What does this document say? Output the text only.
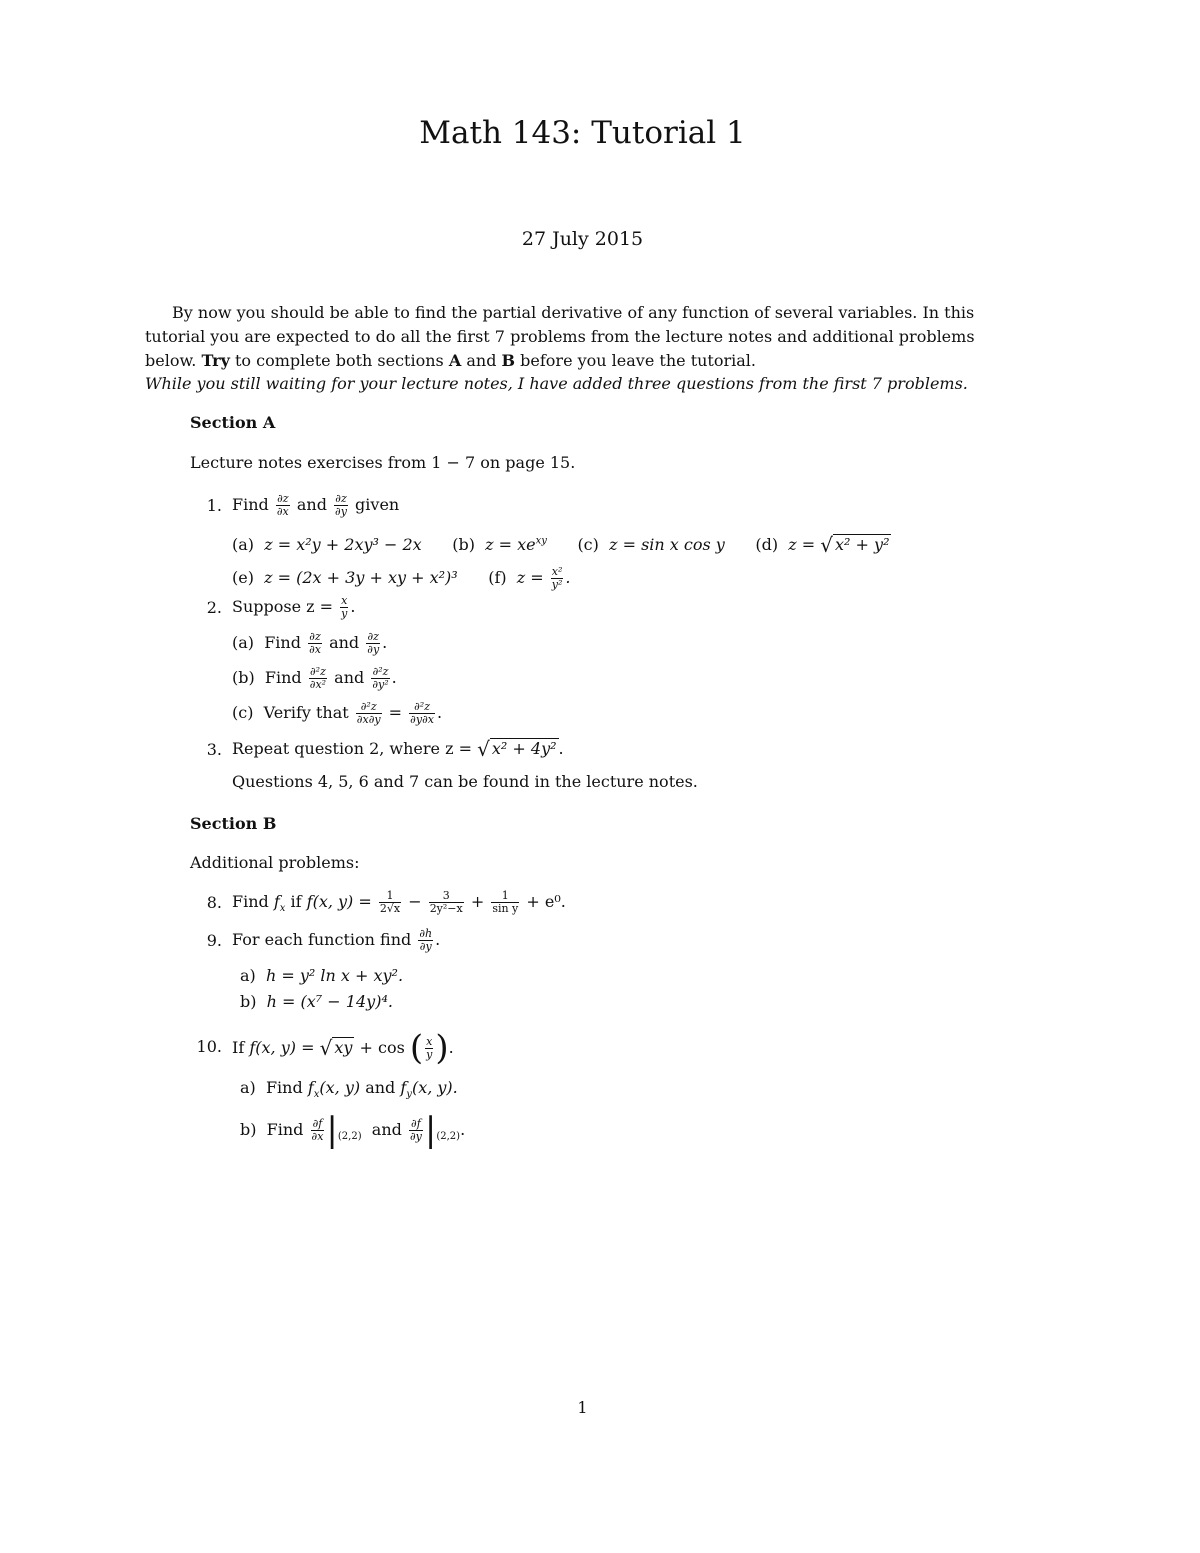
Math 143: Tutorial 1
27 July 2015
By now you should be able to find the partial derivative of any function of several variables. In this
tutorial you are expected to do all the first 7 problems from the lecture notes and additional problems
below. Try to complete both sections A and B before you leave the tutorial.
While you still waiting for your lecture notes, I have added three questions from the first 7 problems.
Section A
Lecture notes exercises from 1 − 7 on page 15.
1. Find $\frac{\partial z}{\partial x}$ and $\frac{\partial z}{\partial y}$ given
(a) z = x²y + 2xy³ − 2x (b) $z = xe^{xy}$ (c) z = sin x cos y (d) z = √ x² + y²
(e) z = (2x + 3y + xy + x²)³ (f) $z = \frac{\text{x²}}{\text{y²}}$ .
2. Suppose $z = \frac{x}{y}$ .
(a) Find $\frac{\partial z}{\partial x}$ and $\frac{\partial z}{\partial y}$ .
(b) Find $\frac{\text{∂²z}}{\text{∂x²}}$ and $\frac{\text{∂²z}}{\text{∂y²}}$ .
(c) Verify that $\frac{\text{∂²z}}{\partial x\partial y} = \frac{\text{∂²z}}{\partial y\partial x}$ .
3. Repeat question 2, where z = √ x² + 4y² .
Questions 4, 5, 6 and 7 can be found in the lecture notes.
Section B
Additional problems:
8. Find $f_x$ if f(x, $y) = \frac{1}{2√x} - \frac{3}{\text{2y²−x}} + \frac{1}{\text{sin y}} + e^0$.
9. For each function find $\frac{\partial h}{\partial y}$ .
a) h = y² ln x + xy².
b) h = (x⁷ − 14y)⁴.
10. If f(x, y) = √ xy + cos ( $\frac{x}{y}$ ).
a) Find $f_x(x$, y) and $f_y(x$, y).
b) Find $\frac{\partial f}{\partial x} |_{(2,2)}$ and $\frac{\partial f}{\partial y} |_{(2,2)}$.
1
